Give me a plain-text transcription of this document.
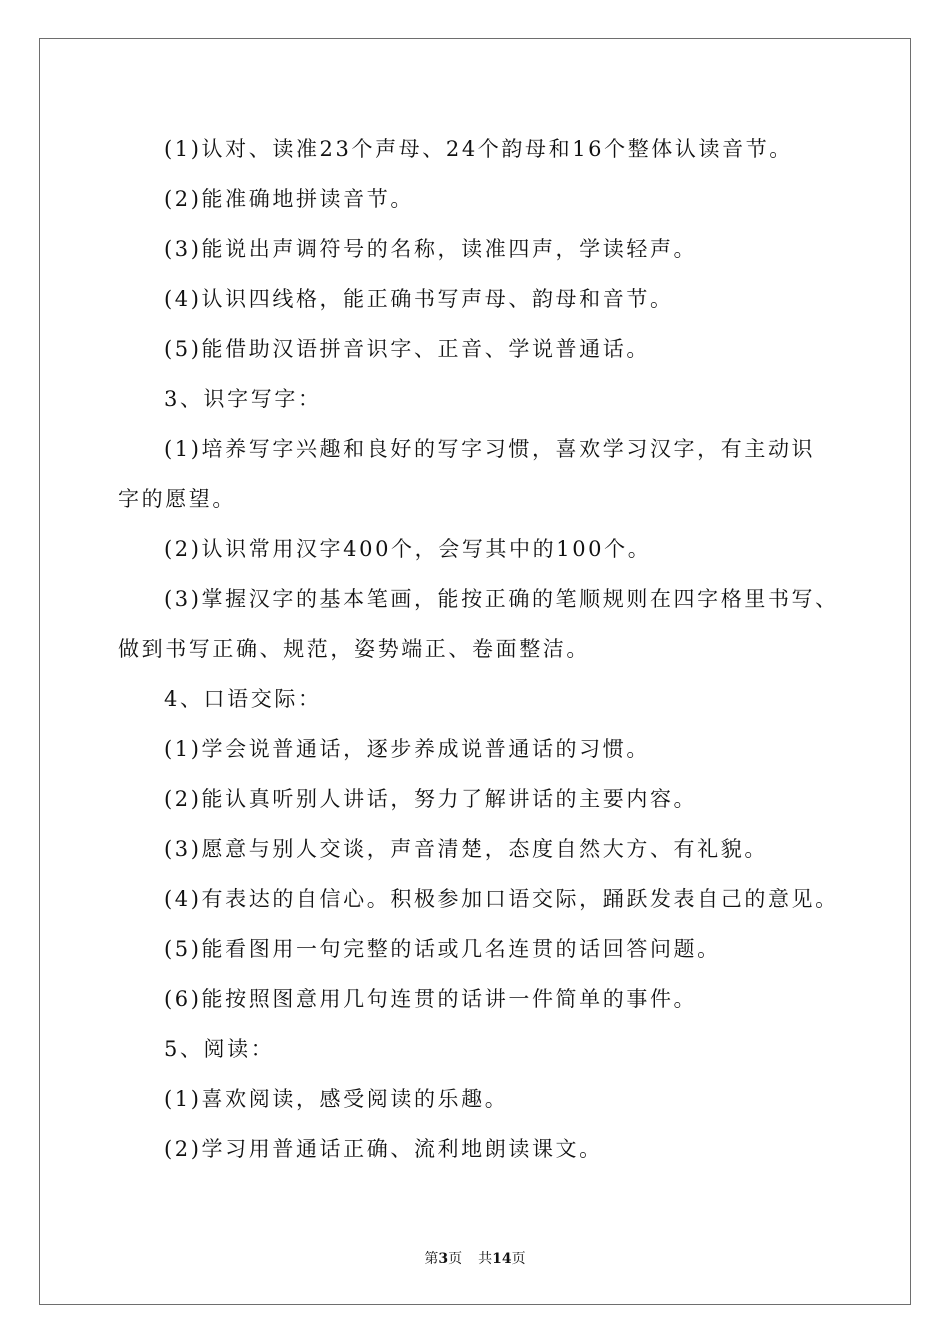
(1)认对、读准23个声母、24个韵母和16个整体认读音节。

(2)能准确地拼读音节。

(3)能说出声调符号的名称，读准四声，学读轻声。

(4)认识四线格，能正确书写声母、韵母和音节。

(5)能借助汉语拼音识字、正音、学说普通话。

3、识字写字：

(1)培养写字兴趣和良好的写字习惯，喜欢学习汉字，有主动识

字的愿望。

(2)认识常用汉字400个，会写其中的100个。

(3)掌握汉字的基本笔画，能按正确的笔顺规则在四字格里书写、

做到书写正确、规范，姿势端正、卷面整洁。

4、口语交际：

(1)学会说普通话，逐步养成说普通话的习惯。

(2)能认真听别人讲话，努力了解讲话的主要内容。

(3)愿意与别人交谈，声音清楚，态度自然大方、有礼貌。

(4)有表达的自信心。积极参加口语交际，踊跃发表自己的意见。

(5)能看图用一句完整的话或几名连贯的话回答问题。

(6)能按照图意用几句连贯的话讲一件简单的事件。

5、阅读：

(1)喜欢阅读，感受阅读的乐趣。

(2)学习用普通话正确、流利地朗读课文。

第3页 共14页
